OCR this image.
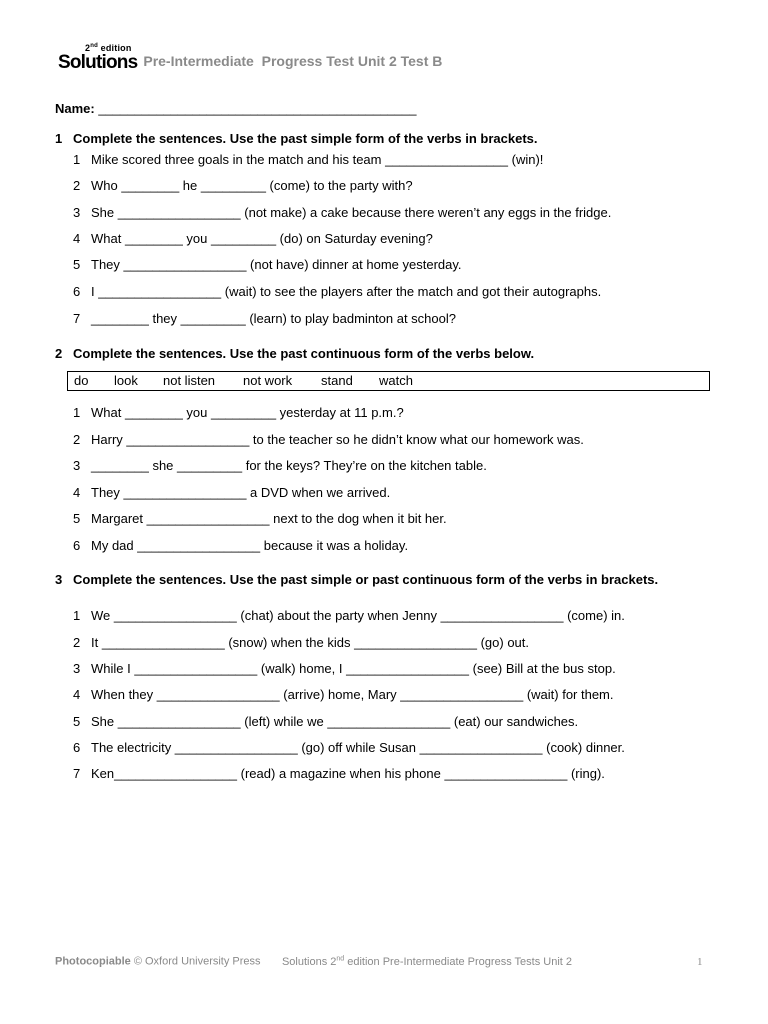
2nd edition
Solutions Pre-Intermediate  Progress Test Unit 2 Test B
Name: ____________________________________________
1 Complete the sentences. Use the past simple form of the verbs in brackets.
1 Mike scored three goals in the match and his team _________________ (win)!
2 Who ________ he _________ (come) to the party with?
3 She _________________ (not make) a cake because there weren’t any eggs in the fridge.
4 What ________ you _________ (do) on Saturday evening?
5 They _________________ (not have) dinner at home yesterday.
6 I _________________ (wait) to see the players after the match and got their autographs.
7 ________ they _________ (learn) to play badminton at school?
2 Complete the sentences. Use the past continuous form of the verbs below.
do look not listen not work stand watch
1 What ________ you _________ yesterday at 11 p.m.?
2 Harry _________________ to the teacher so he didn’t know what our homework was.
3 ________ she _________ for the keys? They’re on the kitchen table.
4 They _________________ a DVD when we arrived.
5 Margaret _________________ next to the dog when it bit her.
6 My dad _________________ because it was a holiday.
3 Complete the sentences. Use the past simple or past continuous form of the verbs in brackets.
1 We _________________ (chat) about the party when Jenny _________________ (come) in.
2 It _________________ (snow) when the kids _________________ (go) out.
3 While I _________________ (walk) home, I _________________ (see) Bill at the bus stop.
4 When they _________________ (arrive) home, Mary _________________ (wait) for them.
5 She _________________ (left) while we _________________ (eat) our sandwiches.
6 The electricity _________________ (go) off while Susan _________________ (cook) dinner.
7 Ken_________________ (read) a magazine when his phone _________________ (ring).
Photocopiable © Oxford University Press Solutions 2nd edition Pre-Intermediate Progress Tests Unit 2	1
